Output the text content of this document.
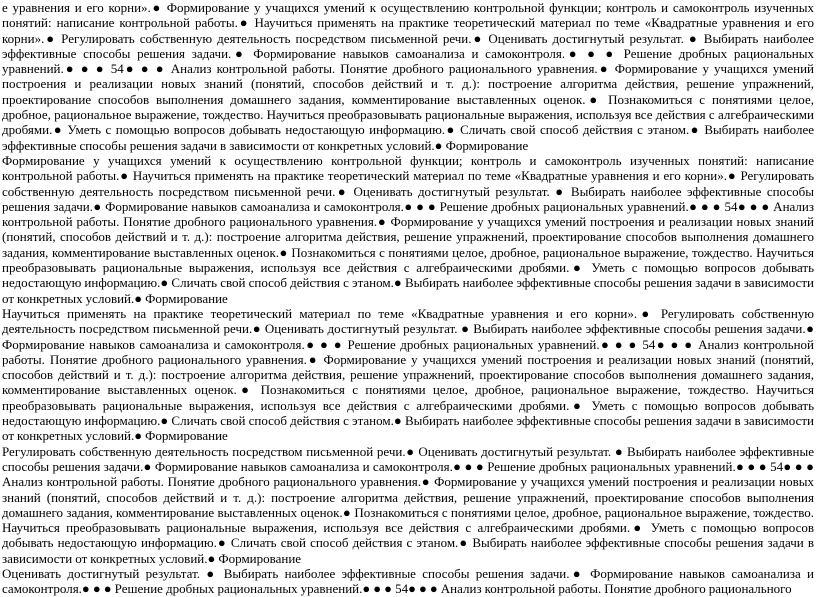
е уравнения и его корни».● Формирование у учащихся умений к осуществлению контрольной функции; контроль и самоконтроль изученных понятий: написание контрольной работы.● Научиться применять на практике теоретический материал по теме «Квадратные уравнения и его корни».● Регулировать собственную деятельность посредством письменной речи.● Оценивать достигнутый результат. ● Выбирать наиболее эффективные способы решения задачи.● Формирование навыков самоанализа и самоконтроля.● ● ● Решение дробных рациональных уравнений.● ● ● 54● ● ● Анализ контрольной работы. Понятие дробного рационального уравнения.● Формирование у учащихся умений построения и реализации новых знаний (понятий, способов действий и т. д.): построение алгоритма действия, решение упражнений, проектирование способов выполнения домашнего задания, комментирование выставленных оценок.● Познакомиться с понятиями целое, дробное, рациональное выражение, тождество. Научиться преобразовывать рациональные выражения, используя все действия с алгебраическими дробями.● Уметь с помощью вопросов добывать недостающую информацию.● Сличать свой способ действия с этаном.● Выбирать наиболее эффективные способы решения задачи в зависимости от конкретных условий.● Формирование

Формирование у учащихся умений к осуществлению контрольной функции; контроль и самоконтроль изученных понятий: написание контрольной работы.● Научиться применять на практике теоретический материал по теме «Квадратные уравнения и его корни».● Регулировать собственную деятельность посредством письменной речи.● Оценивать достигнутый результат. ● Выбирать наиболее эффективные способы решения задачи.● Формирование навыков самоанализа и самоконтроля.● ● ● Решение дробных рациональных уравнений.● ● ● 54● ● ● Анализ контрольной работы. Понятие дробного рационального уравнения.● Формирование у учащихся умений построения и реализации новых знаний (понятий, способов действий и т. д.): построение алгоритма действия, решение упражнений, проектирование способов выполнения домашнего задания, комментирование выставленных оценок.● Познакомиться с понятиями целое, дробное, рациональное выражение, тождество. Научиться преобразовывать рациональные выражения, используя все действия с алгебраическими дробями.● Уметь с помощью вопросов добывать недостающую информацию.● Сличать свой способ действия с этаном.● Выбирать наиболее эффективные способы решения задачи в зависимости от конкретных условий.● Формирование

Научиться применять на практике теоретический материал по теме «Квадратные уравнения и его корни».● Регулировать собственную деятельность посредством письменной речи.● Оценивать достигнутый результат. ● Выбирать наиболее эффективные способы решения задачи.● Формирование навыков самоанализа и самоконтроля.● ● ● Решение дробных рациональных уравнений.● ● ● 54● ● ● Анализ контрольной работы. Понятие дробного рационального уравнения.● Формирование у учащихся умений построения и реализации новых знаний (понятий, способов действий и т. д.): построение алгоритма действия, решение упражнений, проектирование способов выполнения домашнего задания, комментирование выставленных оценок.● Познакомиться с понятиями целое, дробное, рациональное выражение, тождество. Научиться преобразовывать рациональные выражения, используя все действия с алгебраическими дробями.● Уметь с помощью вопросов добывать недостающую информацию.● Сличать свой способ действия с этаном.● Выбирать наиболее эффективные способы решения задачи в зависимости от конкретных условий.● Формирование

Регулировать собственную деятельность посредством письменной речи.● Оценивать достигнутый результат. ● Выбирать наиболее эффективные способы решения задачи.● Формирование навыков самоанализа и самоконтроля.● ● ● Решение дробных рациональных уравнений.● ● ● 54● ● ● Анализ контрольной работы. Понятие дробного рационального уравнения.● Формирование у учащихся умений построения и реализации новых знаний (понятий, способов действий и т. д.): построение алгоритма действия, решение упражнений, проектирование способов выполнения домашнего задания, комментирование выставленных оценок.● Познакомиться с понятиями целое, дробное, рациональное выражение, тождество. Научиться преобразовывать рациональные выражения, используя все действия с алгебраическими дробями.● Уметь с помощью вопросов добывать недостающую информацию.● Сличать свой способ действия с этаном.● Выбирать наиболее эффективные способы решения задачи в зависимости от конкретных условий.● Формирование

Оценивать достигнутый результат. ● Выбирать наиболее эффективные способы решения задачи.● Формирование навыков самоанализа и самоконтроля.● ● ● Решение дробных рациональных уравнений.● ● ● 54● ● ● Анализ контрольной работы. Понятие дробного рационального
